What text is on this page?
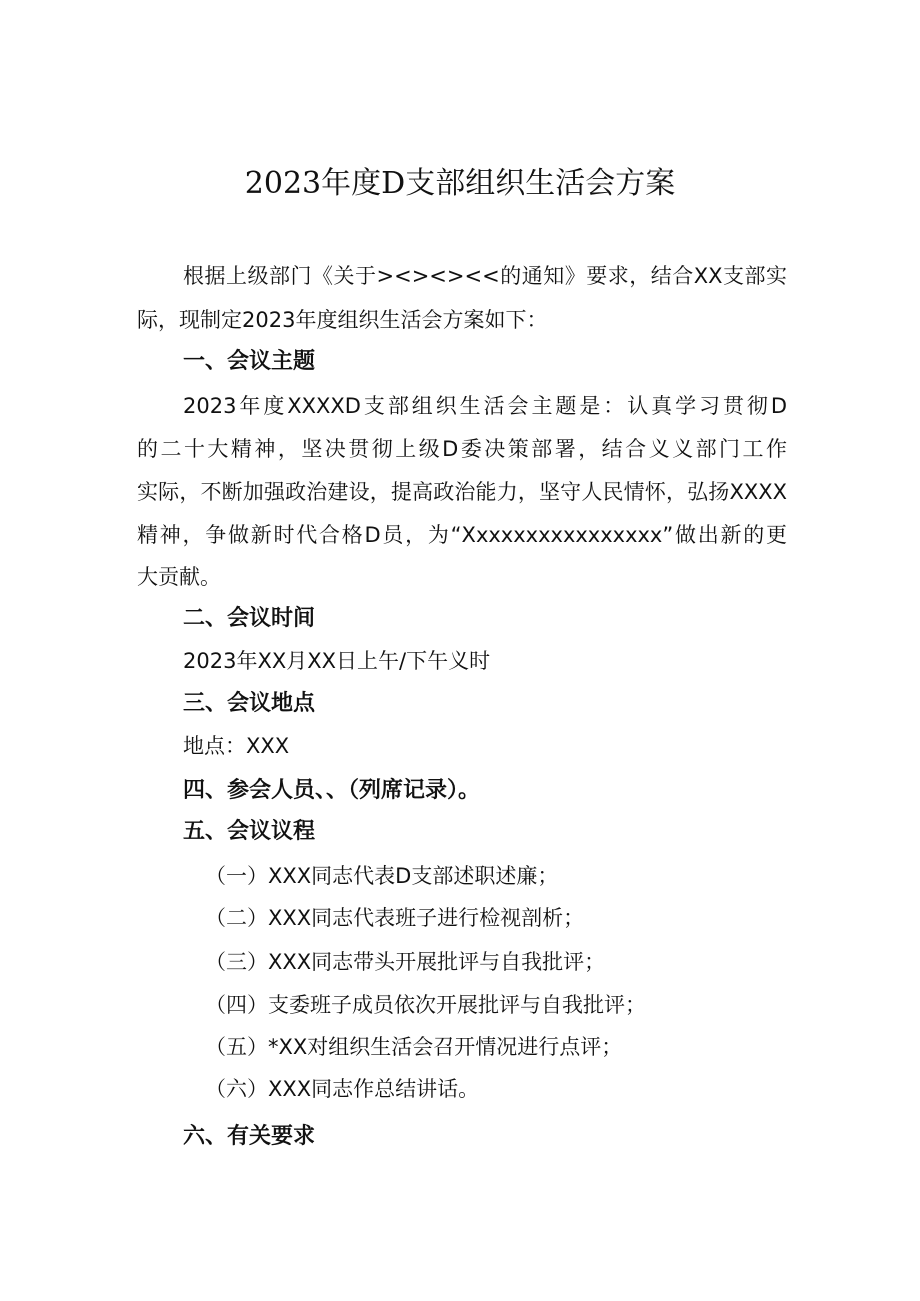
2023年度D支部组织生活会方案
根据上级部门《关于><><><<的通知》要求，结合XX支部实
际，现制定2023年度组织生活会方案如下：
一、会议主题
2023年度XXXXD支部组织生活会主题是：认真学习贯彻D
的二十大精神，坚决贯彻上级D委决策部署，结合义义部门工作
实际，不断加强政治建设，提高政治能力，坚守人民情怀，弘扬XXXX
精神，争做新时代合格D员，为“Xxxxxxxxxxxxxxxx”做出新的更
大贡献。
二、会议时间
2023年XX月XX日上午/下午义时
三、会议地点
地点：XXX
四、参会人员、、（列席记录）。
五、会议议程
（一）XXX同志代表D支部述职述廉；
（二）XXX同志代表班子进行检视剖析；
（三）XXX同志带头开展批评与自我批评；
（四）支委班子成员依次开展批评与自我批评；
（五）*XX对组织生活会召开情况进行点评；
（六）XXX同志作总结讲话。
六、有关要求
